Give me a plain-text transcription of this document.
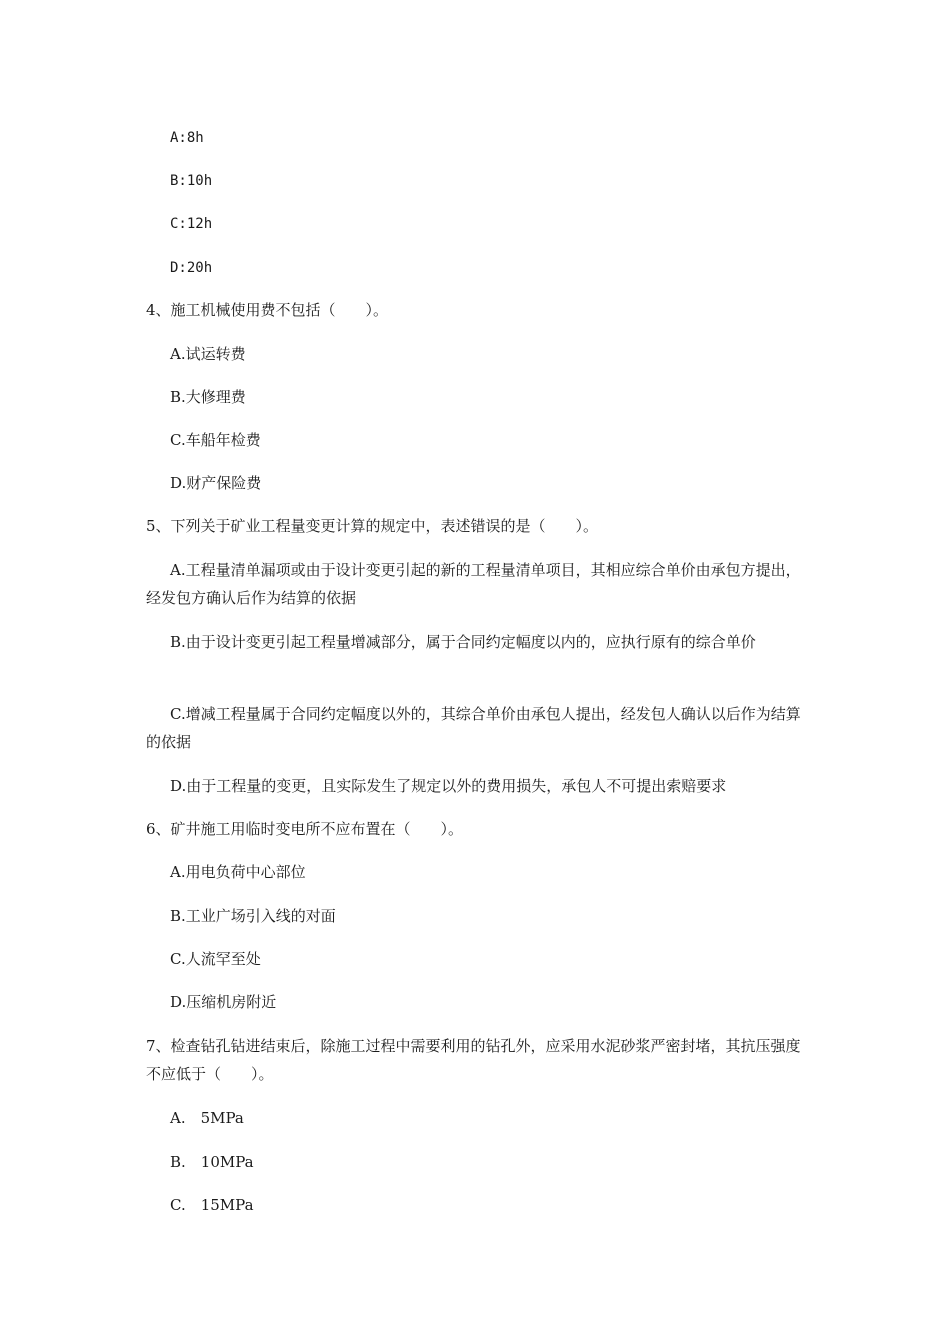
A:8h
B:10h
C:12h
D:20h
4、施工机械使用费不包括（　　）。
A.试运转费
B.大修理费
C.车船年检费
D.财产保险费
5、下列关于矿业工程量变更计算的规定中，表述错误的是（　　）。
A.工程量清单漏项或由于设计变更引起的新的工程量清单项目，其相应综合单价由承包方提出，经发包方确认后作为结算的依据
B.由于设计变更引起工程量增减部分，属于合同约定幅度以内的，应执行原有的综合单价
C.增减工程量属于合同约定幅度以外的，其综合单价由承包人提出，经发包人确认以后作为结算的依据
D.由于工程量的变更，且实际发生了规定以外的费用损失，承包人不可提出索赔要求
6、矿井施工用临时变电所不应布置在（　　）。
A.用电负荷中心部位
B.工业广场引入线的对面
C.人流罕至处
D.压缩机房附近
7、检查钻孔钻进结束后，除施工过程中需要利用的钻孔外，应采用水泥砂浆严密封堵，其抗压强度不应低于（　　）。
A.　5MPa
B.　10MPa
C.　15MPa
